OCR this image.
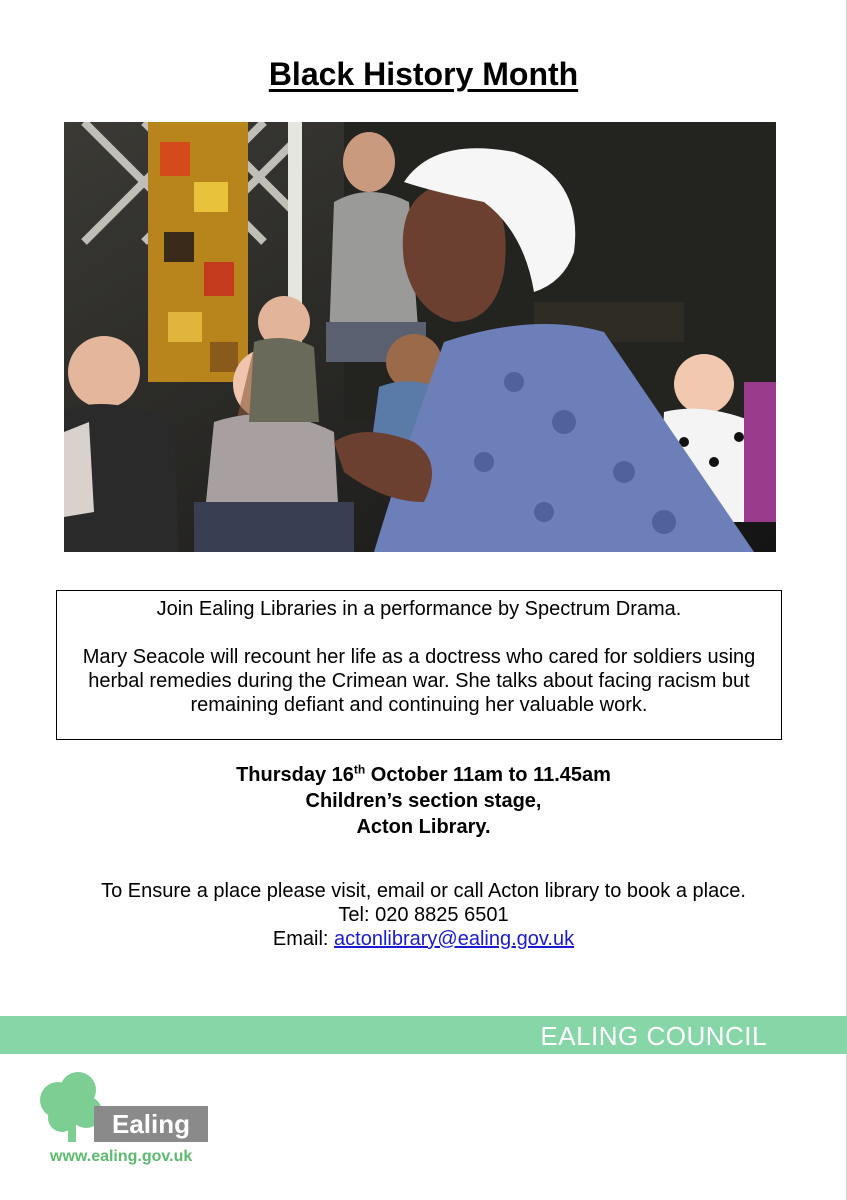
Black History Month

Join Ealing Libraries in a performance by Spectrum Drama.

Mary Seacole will recount her life as a doctress who cared for soldiers using herbal remedies during the Crimean war. She talks about facing racism but remaining defiant and continuing her valuable work.

Thursday 16th October 11am to 11.45am
Children’s section stage,
Acton Library.
To Ensure a place please visit, email or call Acton library to book a place.
Tel: 020 8825 6501
Email: actonlibrary@ealing.gov.uk
EALING COUNCIL
Ealing
www.ealing.gov.uk
